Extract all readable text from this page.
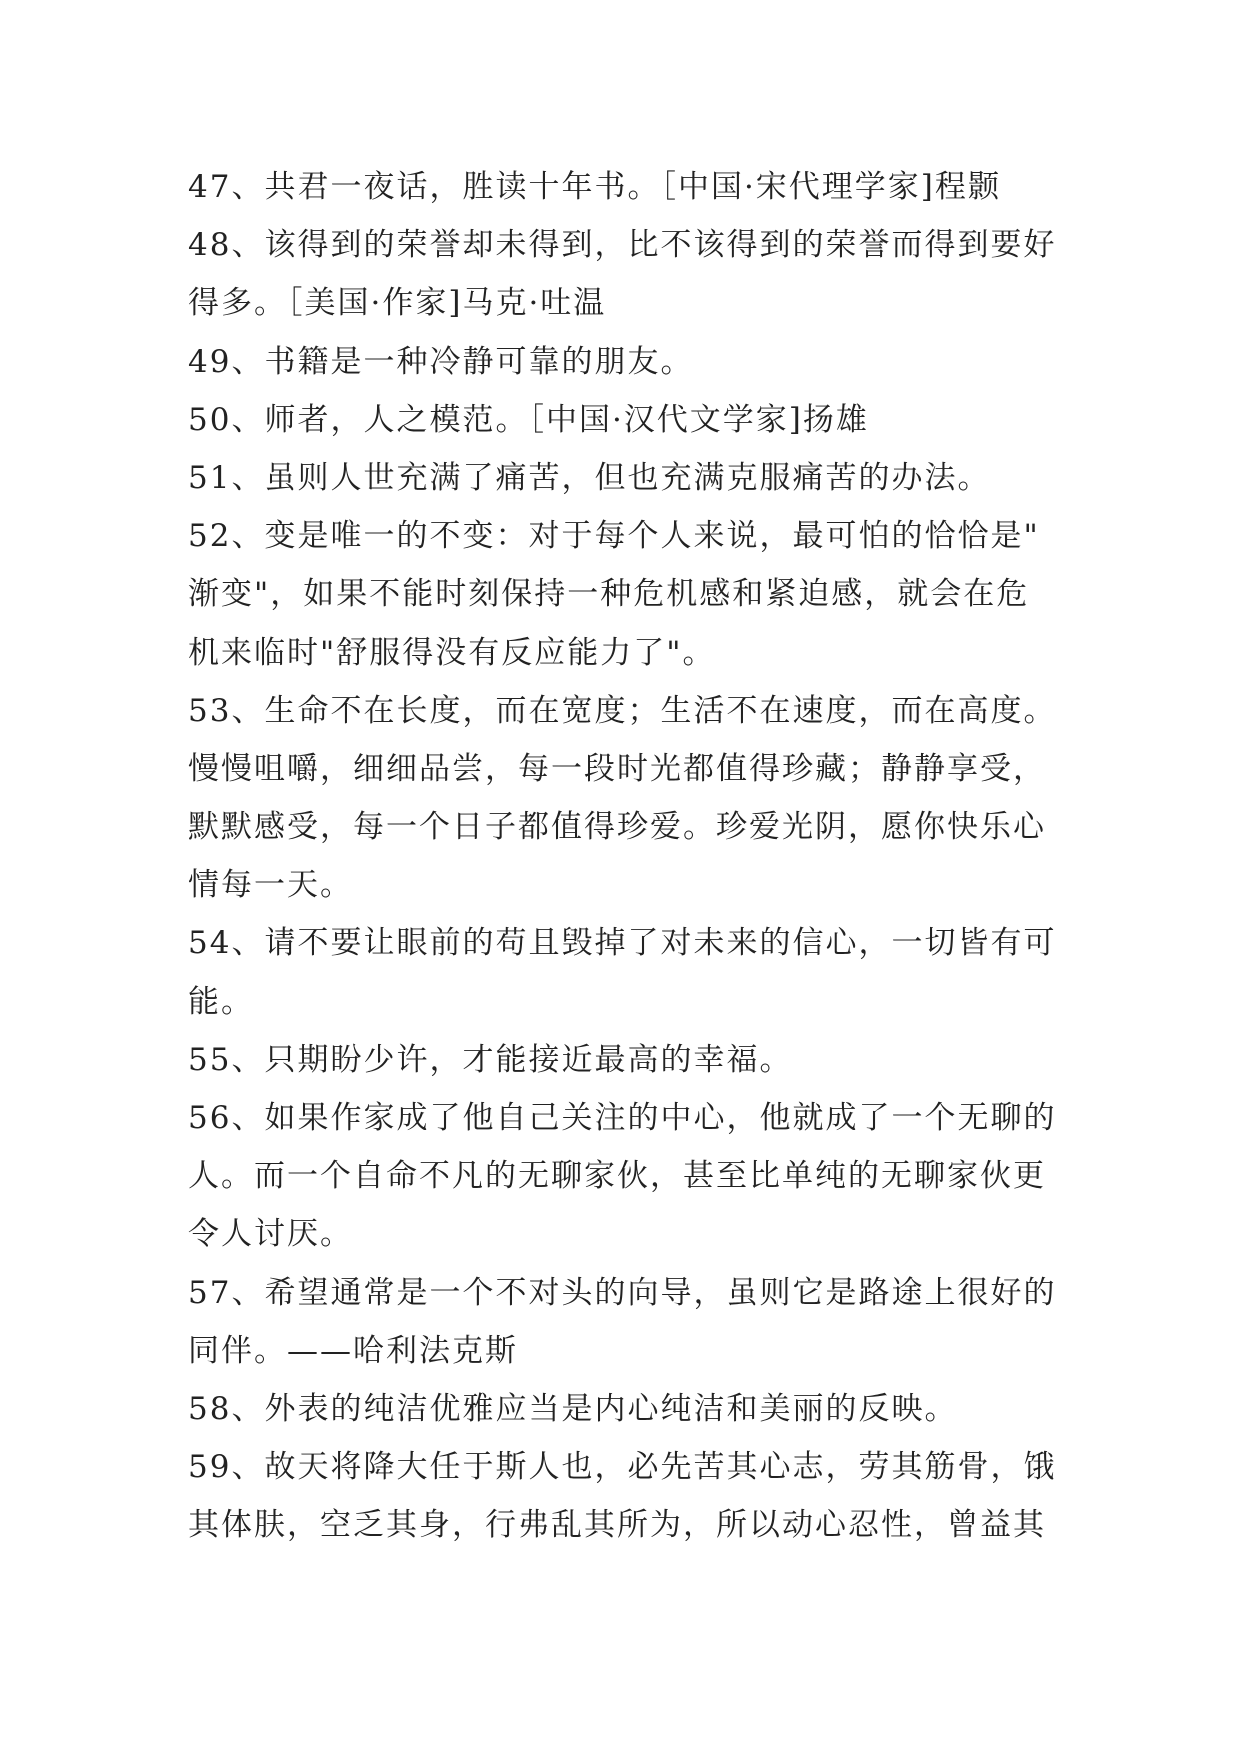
47、共君一夜话，胜读十年书。［中国·宋代理学家]程颢
48、该得到的荣誉却未得到，比不该得到的荣誉而得到要好
得多。［美国·作家]马克·吐温
49、书籍是一种冷静可靠的朋友。
50、师者，人之模范。［中国·汉代文学家]扬雄
51、虽则人世充满了痛苦，但也充满克服痛苦的办法。
52、变是唯一的不变：对于每个人来说，最可怕的恰恰是"
渐变"，如果不能时刻保持一种危机感和紧迫感，就会在危
机来临时"舒服得没有反应能力了"。
53、生命不在长度，而在宽度；生活不在速度，而在高度。
慢慢咀嚼，细细品尝，每一段时光都值得珍藏；静静享受，
默默感受，每一个日子都值得珍爱。珍爱光阴，愿你快乐心
情每一天。
54、请不要让眼前的苟且毁掉了对未来的信心，一切皆有可
能。
55、只期盼少许，才能接近最高的幸福。
56、如果作家成了他自己关注的中心，他就成了一个无聊的
人。而一个自命不凡的无聊家伙，甚至比单纯的无聊家伙更
令人讨厌。
57、希望通常是一个不对头的向导，虽则它是路途上很好的
同伴。——哈利法克斯
58、外表的纯洁优雅应当是内心纯洁和美丽的反映。
59、故天将降大任于斯人也，必先苦其心志，劳其筋骨，饿
其体肤，空乏其身，行弗乱其所为，所以动心忍性，曾益其
